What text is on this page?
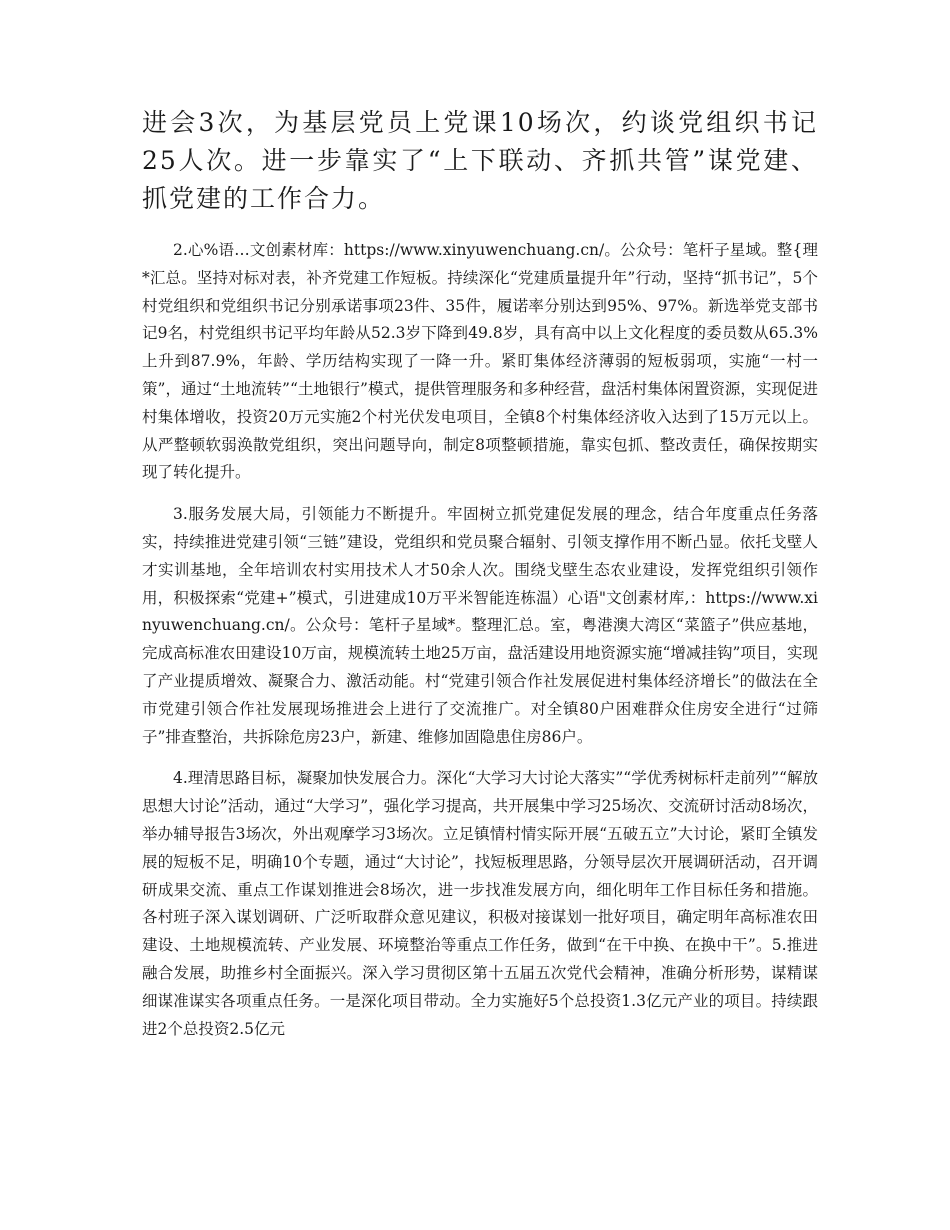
进会3次，为基层党员上党课10场次，约谈党组织书记25人次。进一步靠实了“上下联动、齐抓共管”谋党建、抓党建的工作合力。

2.心%语…文创素材库：https://www.xinyuwenchuang.cn/。公众号：笔杆子星域。整{理*汇总。坚持对标对表，补齐党建工作短板。持续深化“党建质量提升年”行动，坚持“抓书记”，5个村党组织和党组织书记分别承诺事项23件、35件，履诺率分别达到95%、97%。新选举党支部书记9名，村党组织书记平均年龄从52.3岁下降到49.8岁，具有高中以上文化程度的委员数从65.3%上升到87.9%，年龄、学历结构实现了一降一升。紧盯集体经济薄弱的短板弱项，实施“一村一策”，通过“土地流转”“土地银行”模式，提供管理服务和多种经营，盘活村集体闲置资源，实现促进村集体增收，投资20万元实施2个村光伏发电项目，全镇8个村集体经济收入达到了15万元以上。从严整顿软弱涣散党组织，突出问题导向，制定8项整顿措施，靠实包抓、整改责任，确保按期实现了转化提升。

3.服务发展大局，引领能力不断提升。牢固树立抓党建促发展的理念，结合年度重点任务落实，持续推进党建引领“三链”建设，党组织和党员聚合辐射、引领支撑作用不断凸显。依托戈壁人才实训基地，全年培训农村实用技术人才50余人次。围绕戈壁生态农业建设，发挥党组织引领作用，积极探索“党建+”模式，引进建成10万平米智能连栋温）心语"文创素材库,：https://www.xinyuwenchuang.cn/。公众号：笔杆子星域*。整理汇总。室，粤港澳大湾区“菜篮子”供应基地，完成高标准农田建设10万亩，规模流转土地25万亩，盘活建设用地资源实施“增减挂钩”项目，实现了产业提质增效、凝聚合力、激活动能。村“党建引领合作社发展促进村集体经济增长”的做法在全市党建引领合作社发展现场推进会上进行了交流推广。对全镇80户困难群众住房安全进行“过筛子”排查整治，共拆除危房23户，新建、维修加固隐患住房86户。

4.理清思路目标，凝聚加快发展合力。深化“大学习大讨论大落实”“学优秀树标杆走前列”“解放思想大讨论”活动，通过“大学习”，强化学习提高，共开展集中学习25场次、交流研讨活动8场次，举办辅导报告3场次，外出观摩学习3场次。立足镇情村情实际开展“五破五立”大讨论，紧盯全镇发展的短板不足，明确10个专题，通过“大讨论”，找短板理思路，分领导层次开展调研活动，召开调研成果交流、重点工作谋划推进会8场次，进一步找准发展方向，细化明年工作目标任务和措施。各村班子深入谋划调研、广泛听取群众意见建议，积极对接谋划一批好项目，确定明年高标准农田建设、土地规模流转、产业发展、环境整治等重点工作任务，做到“在干中换、在换中干”。5.推进融合发展，助推乡村全面振兴。深入学习贯彻区第十五届五次党代会精神，准确分析形势，谋精谋细谋准谋实各项重点任务。一是深化项目带动。全力实施好5个总投资1.3亿元产业的项目。持续跟进2个总投资2.5亿元
